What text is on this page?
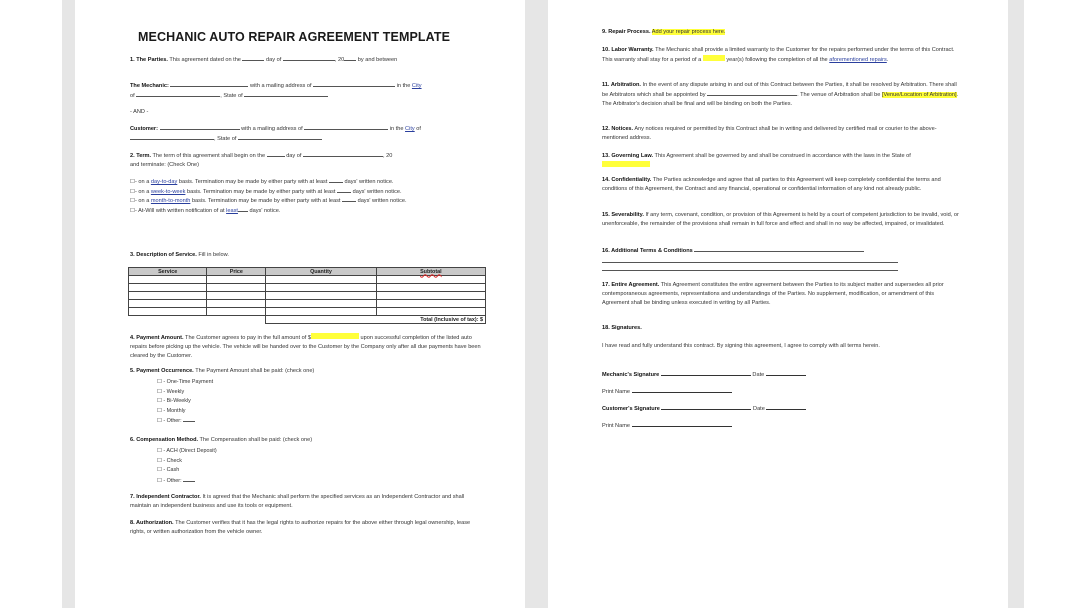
MECHANIC AUTO REPAIR AGREEMENT TEMPLATE
1. The Parties. This agreement dated on the	day of	, 20 by and between
The Mechanic:	with a mailing address of	in the City
of	, State of
- AND -
Customer:	with a mailing address of	in the City of
, State of
2. Term. The term of this agreement shall begin on the	day of	, 20
and terminate: (Check One)
☐- on a day-to-day basis. Termination may be made by either party with at least	days' written notice.
☐- on a week-to-week basis. Termination may be made by either party with at least	days' written notice.
☐- on a month-to-month basis. Termination may be made by either party with at least	days' written notice.
☐- At-Will with written notification of at least days' notice.
3. Description of Service. Fill in below.
Service	Price	Quantity	Subtotal

		Total (Inclusive of tax): $	
4. Payment Amount. The Customer agrees to pay in the full amount of $	upon successful completion of the listed auto repairs before picking up the vehicle. The vehicle will be handed over to the Customer by the Company only after all due payments have been cleared by the Customer.
5. Payment Occurrence. The Payment Amount shall be paid: (check one)
☐ - One-Time Payment
☐ - Weekly
☐ - Bi-Weekly
☐ - Monthly
☐ - Other:
6. Compensation Method. The Compensation shall be paid: (check one)
☐ - ACH (Direct Deposit)
☐ - Check
☐ - Cash
☐ - Other:
7. Independent Contractor. It is agreed that the Mechanic shall perform the specified services as an Independent Contractor and shall maintain an independent business and use its tools or equipment.
8. Authorization. The Customer verifies that it has the legal rights to authorize repairs for the above either through legal ownership, lease rights, or written authorization from the vehicle owner.
9. Repair Process. Add your repair process here.
10. Labor Warranty. The Mechanic shall provide a limited warranty to the Customer for the repairs performed under the terms of this Contract. This warranty shall stay for a period of a	year(s) following the completion of all the aforementioned repairs.
11. Arbitration. In the event of any dispute arising in and out of this Contract between the Parties, it shall be resolved by Arbitration. There shall be Arbitrators which shall be appointed by	. The venue of Arbitration shall be [Venue/Location of Arbitration]. The Arbitrator's decision shall be final and will be binding on both the Parties.
12. Notices. Any notices required or permitted by this Contract shall be in writing and delivered by certified mail or courier to the above-mentioned address.
13. Governing Law. This Agreement shall be governed by and shall be construed in accordance with the laws in the State of
14. Confidentiality. The Parties acknowledge and agree that all parties to this Agreement will keep completely confidential the terms and conditions of this Agreement, the Contract and any financial, operational or confidential information of any kind not already public.
15. Severability. If any term, covenant, condition, or provision of this Agreement is held by a court of competent jurisdiction to be invalid, void, or unenforceable, the remainder of the provisions shall remain in full force and effect and shall in no way be affected, impaired, or invalidated.
16. Additional Terms & Conditions
17. Entire Agreement. This Agreement constitutes the entire agreement between the Parties to its subject matter and supersedes all prior contemporaneous agreements, representations and understandings of the Parties. No supplement, modification, or amendment of this Agreement shall be binding unless executed in writing by all Parties.
18. Signatures.
I have read and fully understand this contract. By signing this agreement, I agree to comply with all terms herein.
Mechanic's Signature	Date
Print Name
Customer's Signature	Date
Print Name
